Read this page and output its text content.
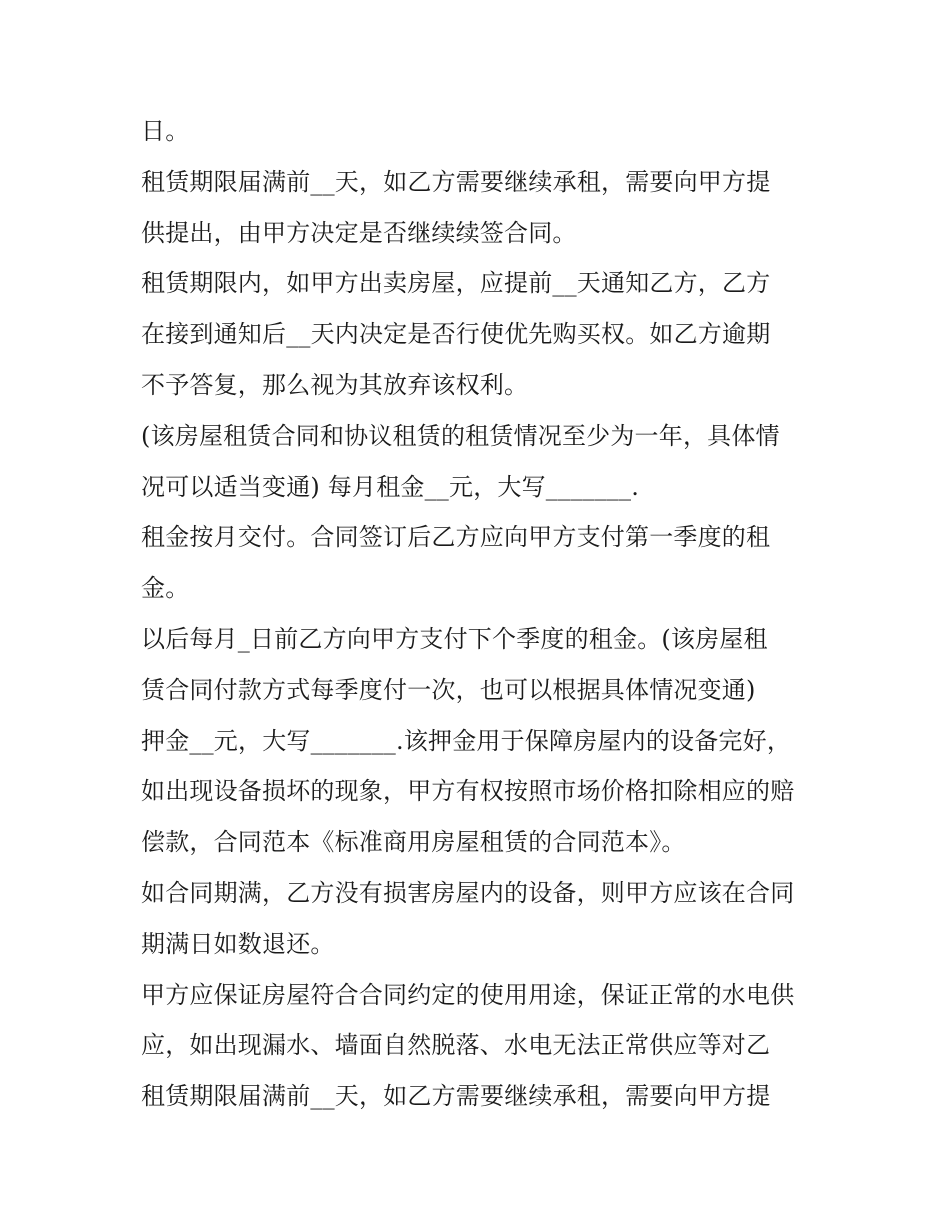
日。
租赁期限届满前__天，如乙方需要继续承租，需要向甲方提
供提出，由甲方决定是否继续续签合同。
租赁期限内，如甲方出卖房屋，应提前__天通知乙方，乙方
在接到通知后__天内决定是否行使优先购买权。如乙方逾期
不予答复，那么视为其放弃该权利。
(该房屋租赁合同和协议租赁的租赁情况至少为一年，具体情
况可以适当变通) 每月租金__元，大写_______.
租金按月交付。合同签订后乙方应向甲方支付第一季度的租
金。
以后每月_日前乙方向甲方支付下个季度的租金。(该房屋租
赁合同付款方式每季度付一次，也可以根据具体情况变通)
押金__元，大写_______.该押金用于保障房屋内的设备完好，
如出现设备损坏的现象，甲方有权按照市场价格扣除相应的赔
偿款，合同范本《标准商用房屋租赁的合同范本》。
如合同期满，乙方没有损害房屋内的设备，则甲方应该在合同
期满日如数退还。
甲方应保证房屋符合合同约定的使用用途，保证正常的水电供
应，如出现漏水、墙面自然脱落、水电无法正常供应等对乙
租赁期限届满前__天，如乙方需要继续承租，需要向甲方提
